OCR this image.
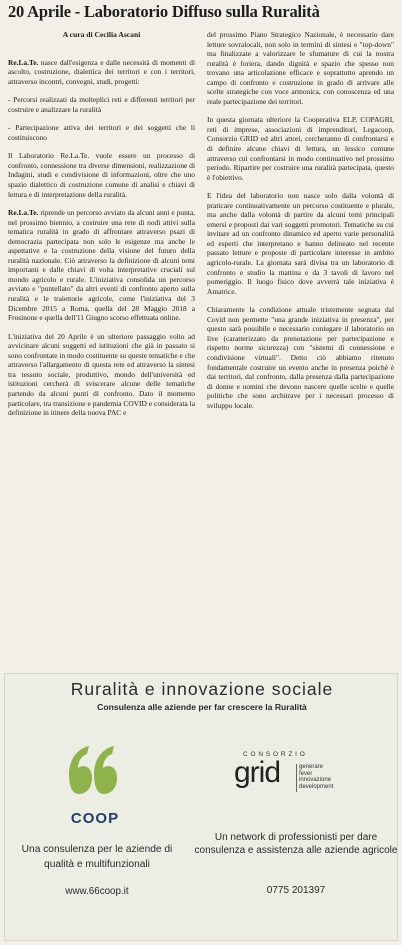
20 Aprile - Laboratorio Diffuso sulla Ruralità
A cura di Cecilia Ascani

Re.La.Te. nasce dall'esigenza e dalle necessità di momenti di ascolto, costruzione, dialettica dei territori e con i territori, attraverso incontri, convegni, studi, progetti:

- Percorsi realizzati da molteplici reti e differenti territori per costruire e analizzare la ruralità

- Partecipazione attiva dei territori e dei soggetti che li costituiscono

Il Laboratorio Re.La.Te. vuole essere un processo di confronto, connessione tra diverse dimensioni, realizzazione di Indagini, studi e condivisione di informazioni, oltre che uno spazio dialettico di costruzione comune di analisi e chiavi di lettura e di interpretazione della ruralità.

Re.La.Te. riprende un percorso avviato da alcuni anni e punta, nel prossimo biennio, a costruire una rete di nodi attivi sulla tematica ruralità in grado di affrontare attraverso psazi di democrazia partecipata non solo le esigenze ma anche le aspettative e la costruzione della visione del futuro della ruralità nazionale. Ciò attraverso la definizione di alcuni temi importanti e dalle chiavi di volta interpretative cruciali sul mondo agricolo e rurale. L'iniziativa consolida un percorso avviato e "puntellato" da altri eventi di confronto aperto sulla ruralità e le traiettorie agricole, come l'iniziativa del 3 Dicembre 2015 a Roma, quella del 28 Maggio 2018 a Frosinone e quella dell'11 Giugno scorso effettuata online.

L'iniziativa del 20 Aprile è un ulteriore passaggio volto ad avvicinare alcuni soggetti ed istituzioni che già in passato si sono confrontate in modo costituente su queste tematiche e che attraverso l'allargamento di questa rete ed attraverso la sintesi tra tessuto sociale, produttivo, mondo dell'università ed istituzioni cercherà di sviscerare alcune delle tematiche partendo da alcuni punti di confronto. Dato il momento particolare, tra transizione e pandemia COVID e considerata la definizione in itinere della nuova PAC e

del prossimo Piano Strategico Nazionale, è necessario dare letture sovralocali, non solo in termini di sintesi e "top-down" ma finalizzate a valorizzare le sfumature di cui la nostra ruralità è foriera, dando dignità e spazio che spesso non trovano una articolazione efficace e soprattutto aprendo un campo di confronto e costruzione in grado di arrivare alle scelte strategiche con voce armonica, con conoscenza ed una reale partecipazione dei territori.

In questa giornata ulteriore la Cooperativa ELP, COPAGRI, reti di imprese, associazioni di imprenditori, Legacoop, Consorzio GRID ed altri attori, cercheranno di confrontarsi e di definire alcune chiavi di lettura, un lessico comune attraverso cui confrontarsi in modo continuativo nel prossimo periodo. Ripartire per costruire una ruralità partecipata, questo è l'obiettivo.

E l'idea del laboratorio non nasce solo dalla volontà di praticare continuativamente un percorso costituente e plurale, ma anche dalla volontà di partire da alcuni temi principali emersi e proposti dai vari soggetti promotori. Tematiche su cui invitare ad un confronto dinamico ed aperto varie personalità ed esperti che interpretano e hanno delineato nel recente passato letture e proposte di particolare interesse in ambito agricolo-rurale. La giornata sarà divisa tra un laboratorio di confronto e studio la mattina e da 3 tavoli di lavoro nel pomeriggio. Il luogo fisico dove avverrà tale iniziativa è Amatrice.

Chiaramente la condizione attuale tristemente segnata dal Covid non permette "una grande iniziativa in presenza", per questo sarà possibile e necessario coniugare il laboratorio on live (caratterizzato da prenotazione per partecipazione e rispetto norme sicurezza) con "sistemi di connessione e condivisione virtuali". Detto ciò abbiamo ritenuto fondamentale costruire un evento anche in presenza poiché è dai territori, dal confronto, dalla presenza dalla partecipazione di donne e uomini che devono nascere quelle scelte e quelle politiche che sono architrave per i necessari processo di sviluppo locale.

Ruralità e innovazione sociale
Consulenza alle aziende per far crescere la Ruralità
COOP
Una consulenza per le aziende di qualità e multifunzionali
www.66coop.it
CONSORZIO
grid	generare
fever
innovazione
development
Un network di professionisti per dare consulenza e assistenza alle aziende agricole
0775 201397
